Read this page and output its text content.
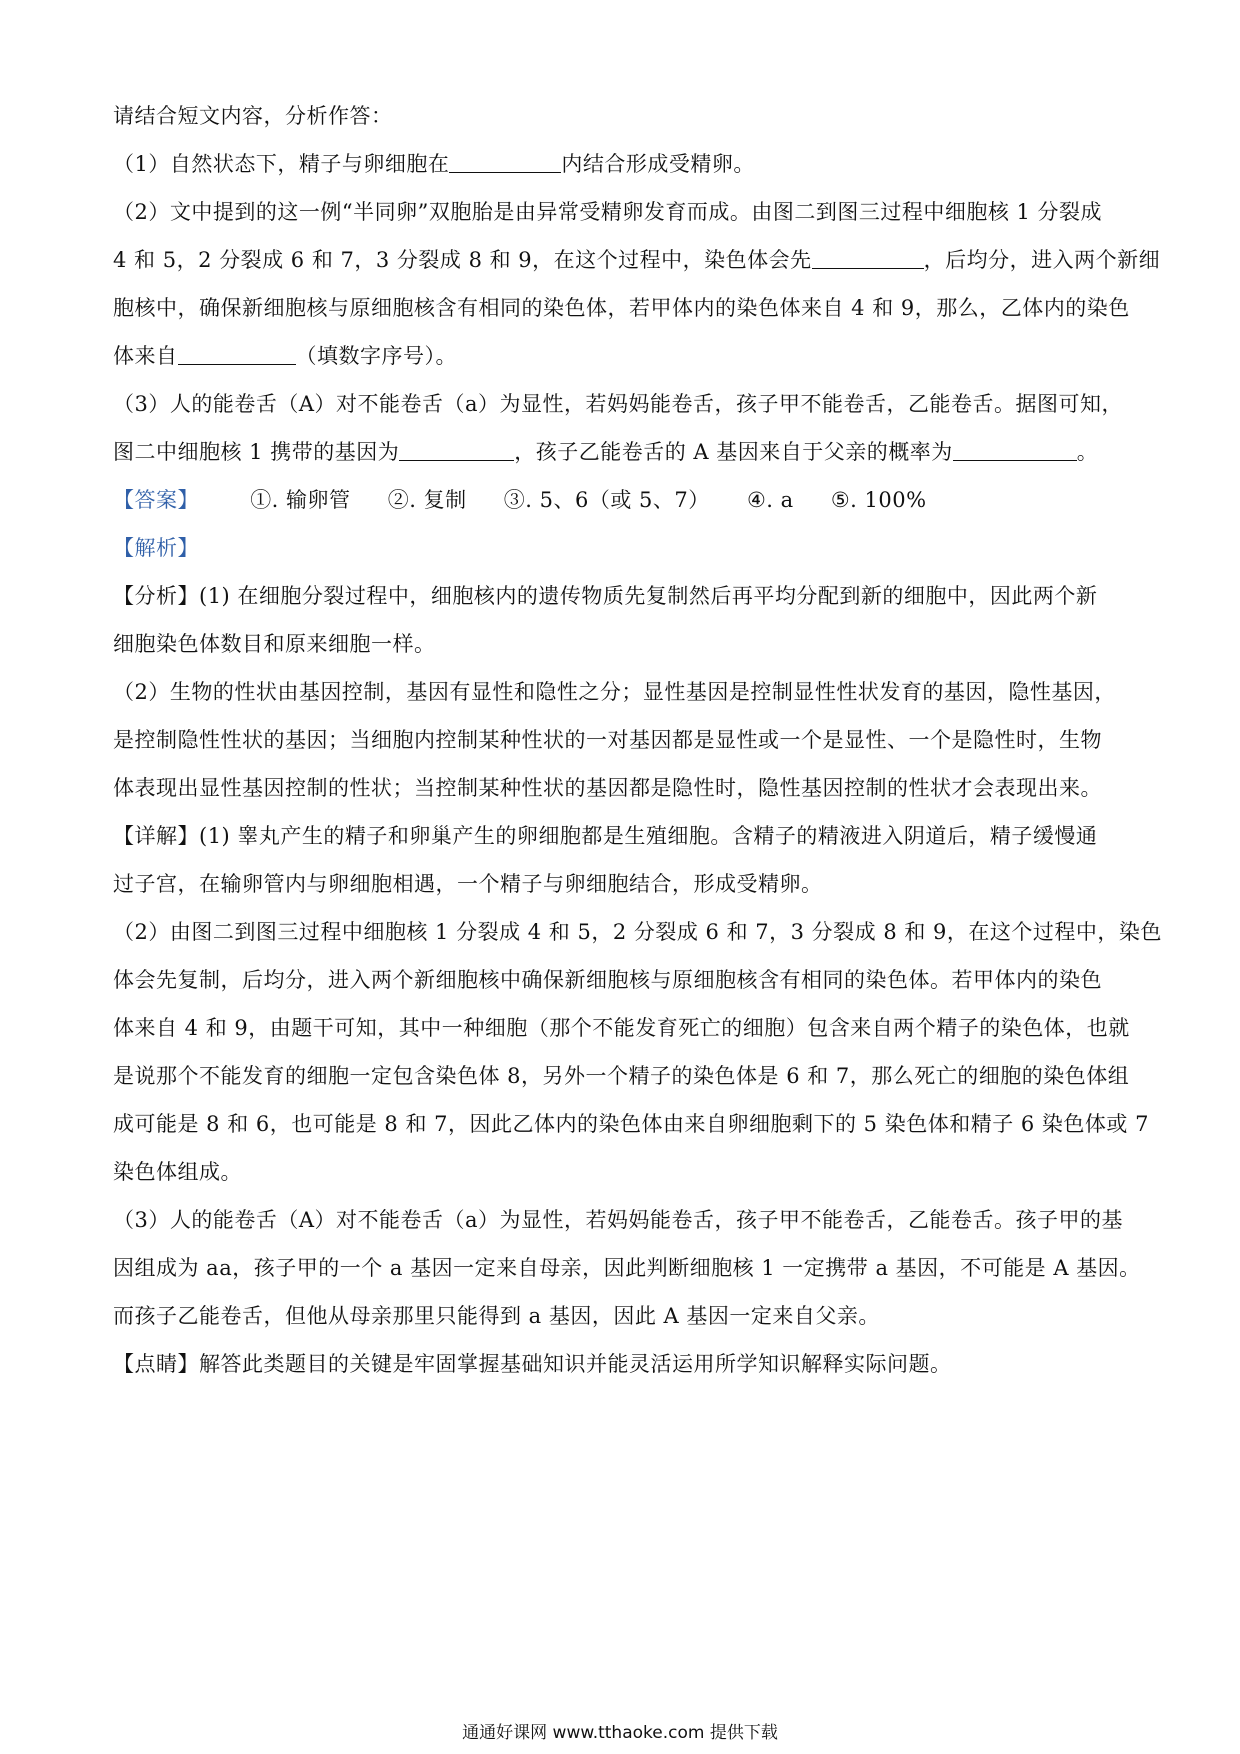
请结合短文内容，分析作答：
（1）自然状态下，精子与卵细胞在	内结合形成受精卵。
（2）文中提到的这一例“半同卵”双胞胎是由异常受精卵发育而成。由图二到图三过程中细胞核 1 分裂成
4 和 5，2 分裂成 6 和 7，3 分裂成 8 和 9，在这个过程中，染色体会先	，后均分，进入两个新细
胞核中，确保新细胞核与原细胞核含有相同的染色体，若甲体内的染色体来自 4 和 9，那么，乙体内的染色
体来自	（填数字序号）。
（3）人的能卷舌（A）对不能卷舌（a）为显性，若妈妈能卷舌，孩子甲不能卷舌，乙能卷舌。据图可知，
图二中细胞核 1 携带的基因为	，孩子乙能卷舌的 A 基因来自于父亲的概率为	。
【答案】 ①. 输卵管 ②. 复制 ③. 5、6（或 5、7） ④. a ⑤. 100%
【解析】
【分析】(1) 在细胞分裂过程中，细胞核内的遗传物质先复制然后再平均分配到新的细胞中，因此两个新
细胞染色体数目和原来细胞一样。
（2）生物的性状由基因控制，基因有显性和隐性之分；显性基因是控制显性性状发育的基因，隐性基因，
是控制隐性性状的基因；当细胞内控制某种性状的一对基因都是显性或一个是显性、一个是隐性时，生物
体表现出显性基因控制的性状；当控制某种性状的基因都是隐性时，隐性基因控制的性状才会表现出来。
【详解】(1) 睾丸产生的精子和卵巢产生的卵细胞都是生殖细胞。含精子的精液进入阴道后，精子缓慢通
过子宫，在输卵管内与卵细胞相遇，一个精子与卵细胞结合，形成受精卵。
（2）由图二到图三过程中细胞核 1 分裂成 4 和 5，2 分裂成 6 和 7，3 分裂成 8 和 9，在这个过程中，染色
体会先复制，后均分，进入两个新细胞核中确保新细胞核与原细胞核含有相同的染色体。若甲体内的染色
体来自 4 和 9，由题干可知，其中一种细胞（那个不能发育死亡的细胞）包含来自两个精子的染色体，也就
是说那个不能发育的细胞一定包含染色体 8，另外一个精子的染色体是 6 和 7，那么死亡的细胞的染色体组
成可能是 8 和 6，也可能是 8 和 7，因此乙体内的染色体由来自卵细胞剩下的 5 染色体和精子 6 染色体或 7
染色体组成。
（3）人的能卷舌（A）对不能卷舌（a）为显性，若妈妈能卷舌，孩子甲不能卷舌，乙能卷舌。孩子甲的基
因组成为 aa，孩子甲的一个 a 基因一定来自母亲，因此判断细胞核 1 一定携带 a 基因，不可能是 A 基因。
而孩子乙能卷舌，但他从母亲那里只能得到 a 基因，因此 A 基因一定来自父亲。
【点睛】解答此类题目的关键是牢固掌握基础知识并能灵活运用所学知识解释实际问题。
通通好课网 www.tthaoke.com 提供下载
